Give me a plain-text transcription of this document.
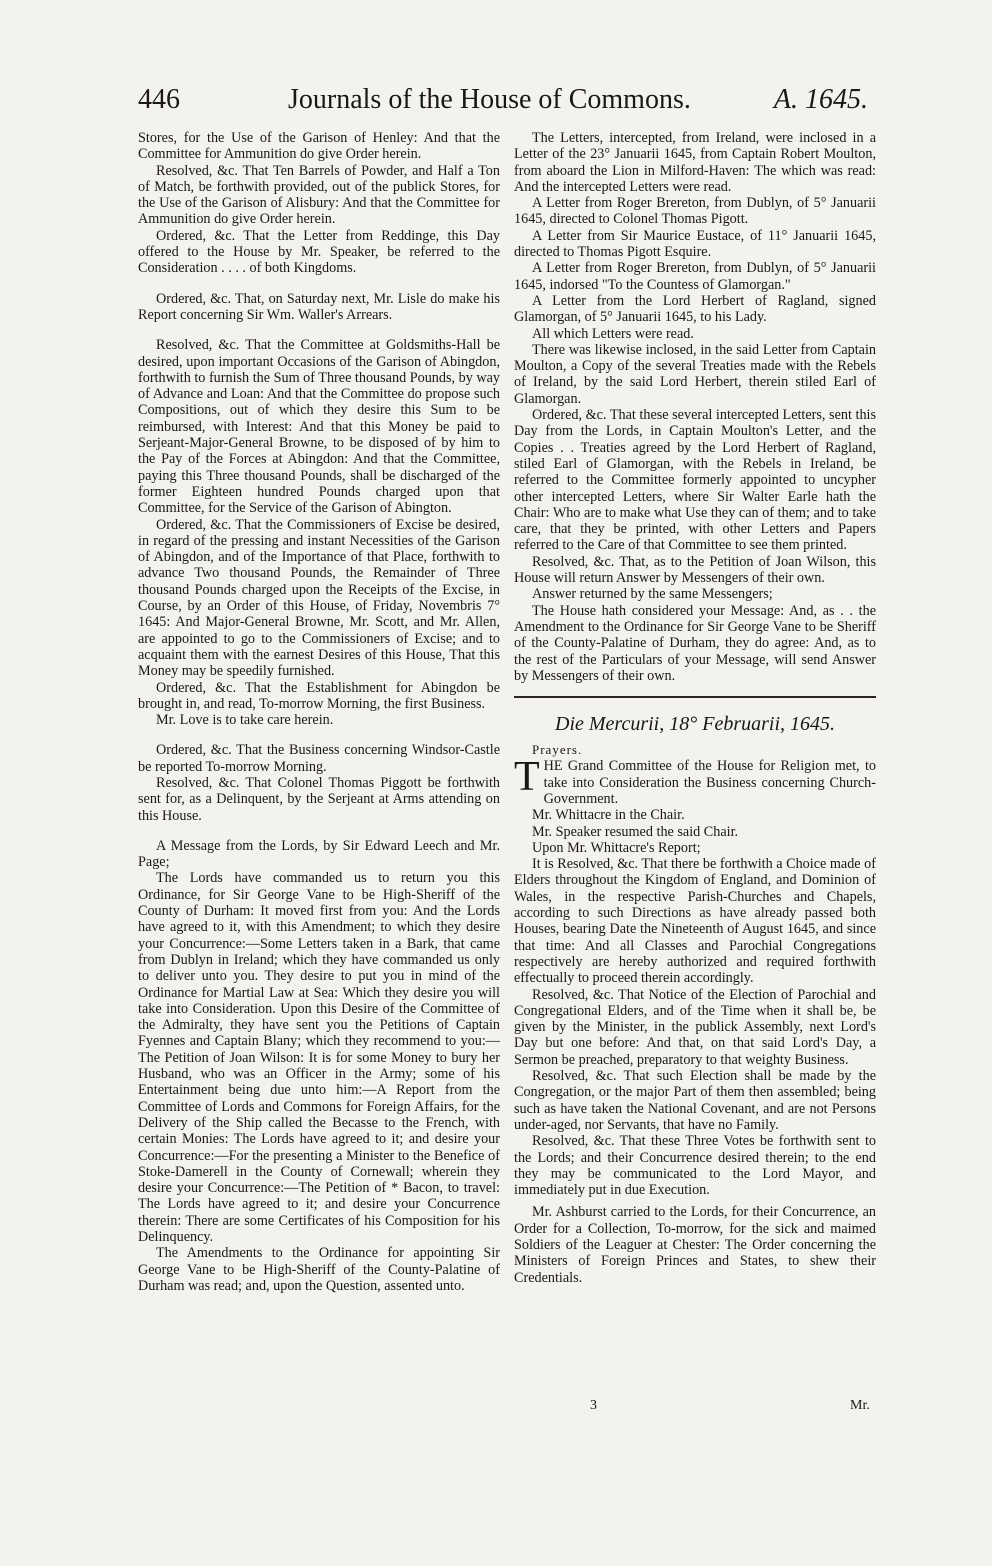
446	Journals of the House of Commons.	A. 1645.

Stores, for the Use of the Garison of Henley: And that the Committee for Ammunition do give Order herein.

Resolved, &c. That Ten Barrels of Powder, and Half a Ton of Match, be forthwith provided, out of the publick Stores, for the Use of the Garison of Alisbury: And that the Committee for Ammunition do give Order herein.

Ordered, &c. That the Letter from Reddinge, this Day offered to the House by Mr. Speaker, be referred to the Consideration . . . . of both Kingdoms.

Ordered, &c. That, on Saturday next, Mr. Lisle do make his Report concerning Sir Wm. Waller's Arrears.

Resolved, &c. That the Committee at Goldsmiths-Hall be desired, upon important Occasions of the Garison of Abingdon, forthwith to furnish the Sum of Three thousand Pounds, by way of Advance and Loan: And that the Committee do propose such Compositions, out of which they desire this Sum to be reimbursed, with Interest: And that this Money be paid to Serjeant-Major-General Browne, to be disposed of by him to the Pay of the Forces at Abingdon: And that the Committee, paying this Three thousand Pounds, shall be discharged of the former Eighteen hundred Pounds charged upon that Committee, for the Service of the Garison of Abington.

Ordered, &c. That the Commissioners of Excise be desired, in regard of the pressing and instant Necessities of the Garison of Abingdon, and of the Importance of that Place, forthwith to advance Two thousand Pounds, the Remainder of Three thousand Pounds charged upon the Receipts of the Excise, in Course, by an Order of this House, of Friday, Novembris 7° 1645: And Major-General Browne, Mr. Scott, and Mr. Allen, are appointed to go to the Commissioners of Excise; and to acquaint them with the earnest Desires of this House, That this Money may be speedily furnished.

Ordered, &c. That the Establishment for Abingdon be brought in, and read, To-morrow Morning, the first Business.

Mr. Love is to take care herein.

Ordered, &c. That the Business concerning Windsor-Castle be reported To-morrow Morning.

Resolved, &c. That Colonel Thomas Piggott be forthwith sent for, as a Delinquent, by the Serjeant at Arms attending on this House.

A Message from the Lords, by Sir Edward Leech and Mr. Page;

The Lords have commanded us to return you this Ordinance, for Sir George Vane to be High-Sheriff of the County of Durham: It moved first from you: And the Lords have agreed to it, with this Amendment; to which they desire your Concurrence:—Some Letters taken in a Bark, that came from Dublyn in Ireland; which they have commanded us only to deliver unto you. They desire to put you in mind of the Ordinance for Martial Law at Sea: Which they desire you will take into Consideration. Upon this Desire of the Committee of the Admiralty, they have sent you the Petitions of Captain Fyennes and Captain Blany; which they recommend to you:—The Petition of Joan Wilson: It is for some Money to bury her Husband, who was an Officer in the Army; some of his Entertainment being due unto him:—A Report from the Committee of Lords and Commons for Foreign Affairs, for the Delivery of the Ship called the Becasse to the French, with certain Monies: The Lords have agreed to it; and desire your Concurrence:—For the presenting a Minister to the Benefice of Stoke-Damerell in the County of Cornewall; wherein they desire your Concurrence:—The Petition of * Bacon, to travel: The Lords have agreed to it; and desire your Concurrence therein: There are some Certificates of his Composition for his Delinquency.

The Amendments to the Ordinance for appointing Sir George Vane to be High-Sheriff of the County-Palatine of Durham was read; and, upon the Question, assented unto.

The Letters, intercepted, from Ireland, were inclosed in a Letter of the 23° Januarii 1645, from Captain Robert Moulton, from aboard the Lion in Milford-Haven: The which was read: And the intercepted Letters were read.

A Letter from Roger Brereton, from Dublyn, of 5° Januarii 1645, directed to Colonel Thomas Pigott.

A Letter from Sir Maurice Eustace, of 11° Januarii 1645, directed to Thomas Pigott Esquire.

A Letter from Roger Brereton, from Dublyn, of 5° Januarii 1645, indorsed "To the Countess of Glamorgan."

A Letter from the Lord Herbert of Ragland, signed Glamorgan, of 5° Januarii 1645, to his Lady.

All which Letters were read.

There was likewise inclosed, in the said Letter from Captain Moulton, a Copy of the several Treaties made with the Rebels of Ireland, by the said Lord Herbert, therein stiled Earl of Glamorgan.

Ordered, &c. That these several intercepted Letters, sent this Day from the Lords, in Captain Moulton's Letter, and the Copies . . Treaties agreed by the Lord Herbert of Ragland, stiled Earl of Glamorgan, with the Rebels in Ireland, be referred to the Committee formerly appointed to uncypher other intercepted Letters, where Sir Walter Earle hath the Chair: Who are to make what Use they can of them; and to take care, that they be printed, with other Letters and Papers referred to the Care of that Committee to see them printed.

Resolved, &c. That, as to the Petition of Joan Wilson, this House will return Answer by Messengers of their own.

Answer returned by the same Messengers;

The House hath considered your Message: And, as . . the Amendment to the Ordinance for Sir George Vane to be Sheriff of the County-Palatine of Durham, they do agree: And, as to the rest of the Particulars of your Message, will send Answer by Messengers of their own.

Die Mercurii, 18° Februarii, 1645.

Prayers.

THE Grand Committee of the House for Religion met, to take into Consideration the Business concerning Church-Government.

Mr. Whittacre in the Chair.

Mr. Speaker resumed the said Chair.

Upon Mr. Whittacre's Report;

It is Resolved, &c. That there be forthwith a Choice made of Elders throughout the Kingdom of England, and Dominion of Wales, in the respective Parish-Churches and Chapels, according to such Directions as have already passed both Houses, bearing Date the Nineteenth of August 1645, and since that time: And all Classes and Parochial Congregations respectively are hereby authorized and required forthwith effectually to proceed therein accordingly.

Resolved, &c. That Notice of the Election of Parochial and Congregational Elders, and of the Time when it shall be, be given by the Minister, in the publick Assembly, next Lord's Day but one before: And that, on that said Lord's Day, a Sermon be preached, preparatory to that weighty Business.

Resolved, &c. That such Election shall be made by the Congregation, or the major Part of them then assembled; being such as have taken the National Covenant, and are not Persons under-aged, nor Servants, that have no Family.

Resolved, &c. That these Three Votes be forthwith sent to the Lords; and their Concurrence desired therein; to the end they may be communicated to the Lord Mayor, and immediately put in due Execution.

Mr. Ashburst carried to the Lords, for their Concurrence, an Order for a Collection, To-morrow, for the sick and maimed Soldiers of the Leaguer at Chester: The Order concerning the Ministers of Foreign Princes and States, to shew their Credentials.

3	Mr.
